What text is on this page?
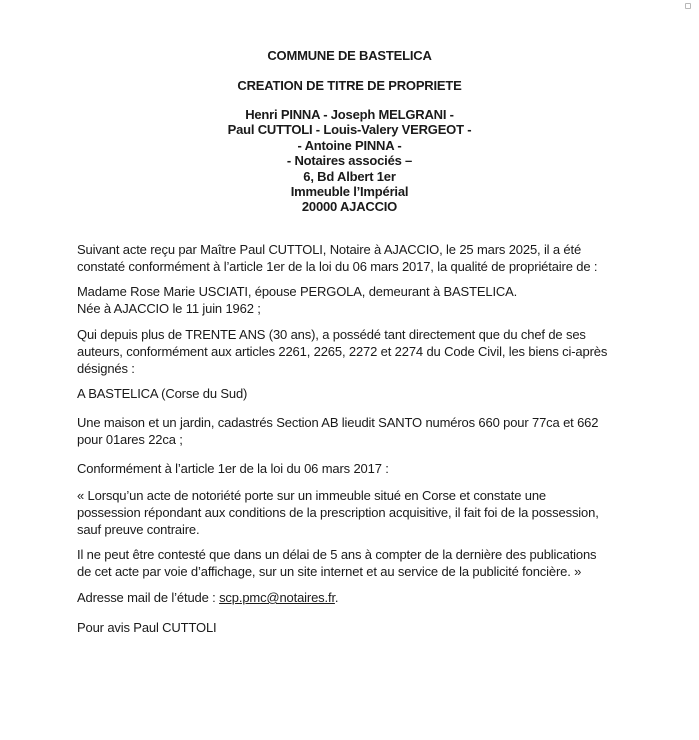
COMMUNE DE BASTELICA
CREATION DE TITRE DE PROPRIETE
Henri PINNA - Joseph MELGRANI -
Paul CUTTOLI - Louis-Valery VERGEOT -
- Antoine PINNA -
- Notaires associés –
6, Bd Albert 1er
Immeuble l’Impérial
20000 AJACCIO

Suivant acte reçu par Maître Paul CUTTOLI, Notaire à AJACCIO, le 25 mars 2025, il a été

constaté conformément à l’article 1er de la loi du 06 mars 2017, la qualité de propriétaire de :

Madame Rose Marie USCIATI, épouse PERGOLA, demeurant à BASTELICA.

Née à AJACCIO le 11 juin 1962 ;

Qui depuis plus de TRENTE ANS (30 ans), a possédé tant directement que du chef de ses

auteurs, conformément aux articles 2261, 2265, 2272 et 2274 du Code Civil, les biens ci-après

désignés :

A BASTELICA (Corse du Sud)

Une maison et un jardin, cadastrés Section AB lieudit SANTO numéros 660 pour 77ca et 662

pour 01ares 22ca ;

Conformément à l’article 1er de la loi du 06 mars 2017 :

« Lorsqu’un acte de notoriété porte sur un immeuble situé en Corse et constate une

possession répondant aux conditions de la prescription acquisitive, il fait foi de la possession,

sauf preuve contraire.

Il ne peut être contesté que dans un délai de 5 ans à compter de la dernière des publications

de cet acte par voie d’affichage, sur un site internet et au service de la publicité foncière. »

Adresse mail de l’étude : scp.pmc@notaires.fr.

Pour avis Paul CUTTOLI
